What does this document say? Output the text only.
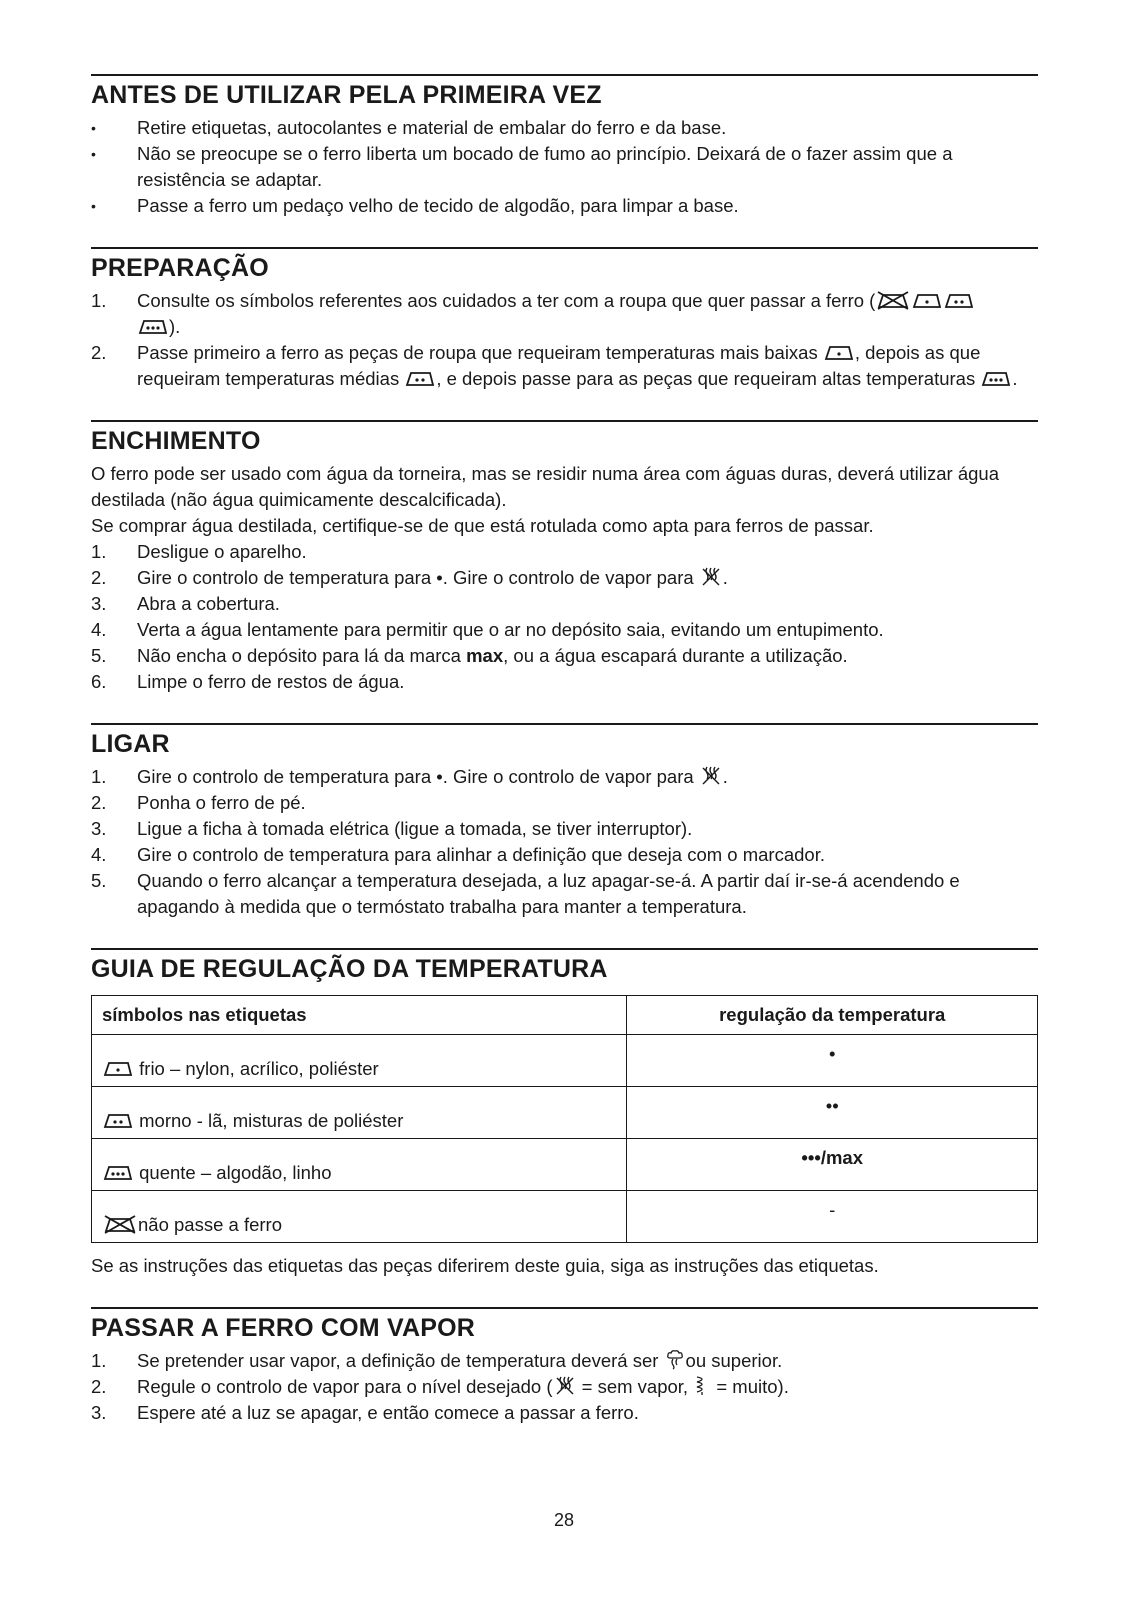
ANTES DE UTILIZAR PELA PRIMEIRA VEZ
• Retire etiquetas, autocolantes e material de embalar do ferro e da base.
• Não se preocupe se o ferro liberta um bocado de fumo ao princípio. Deixará de o fazer assim que a resistência se adaptar.
• Passe a ferro um pedaço velho de tecido de algodão, para limpar a base.
PREPARAÇÃO
1. Consulte os símbolos referentes aos cuidados a ter com a roupa que quer passar a ferro (
).
2. Passe primeiro a ferro as peças de roupa que requeiram temperaturas mais baixas , depois as que requeiram temperaturas médias , e depois passe para as peças que requeiram altas temperaturas .
ENCHIMENTO

O ferro pode ser usado com água da torneira, mas se residir numa área com águas duras, deverá utilizar água destilada (não água quimicamente descalcificada).

Se comprar água destilada, certifique-se de que está rotulada como apta para ferros de passar.

1. Desligue o aparelho.
2. Gire o controlo de temperatura para •. Gire o controlo de vapor para .
3. Abra a cobertura.
4. Verta a água lentamente para permitir que o ar no depósito saia, evitando um entupimento.
5. Não encha o depósito para lá da marca max, ou a água escapará durante a utilização.
6. Limpe o ferro de restos de água.
LIGAR
1. Gire o controlo de temperatura para •. Gire o controlo de vapor para .
2. Ponha o ferro de pé.
3. Ligue a ficha à tomada elétrica (ligue a tomada, se tiver interruptor).
4. Gire o controlo de temperatura para alinhar a definição que deseja com o marcador.
5. Quando o ferro alcançar a temperatura desejada, a luz apagar-se-á. A partir daí ir-se-á acendendo e apagando à medida que o termóstato trabalha para manter a temperatura.
GUIA DE REGULAÇÃO DA TEMPERATURA
símbolos nas etiquetas	regulação da temperatura
frio – nylon, acrílico, poliéster	•
morno - lã, misturas de poliéster	••
quente – algodão, linho	•••/max
não passe a ferro	-

Se as instruções das etiquetas das peças diferirem deste guia, siga as instruções das etiquetas.

PASSAR A FERRO COM VAPOR
1. Se pretender usar vapor, a definição de temperatura deverá ser ou superior.
2. Regule o controlo de vapor para o nível desejado ( = sem vapor,  = muito).
3. Espere até a luz se apagar, e então comece a passar a ferro.
28
